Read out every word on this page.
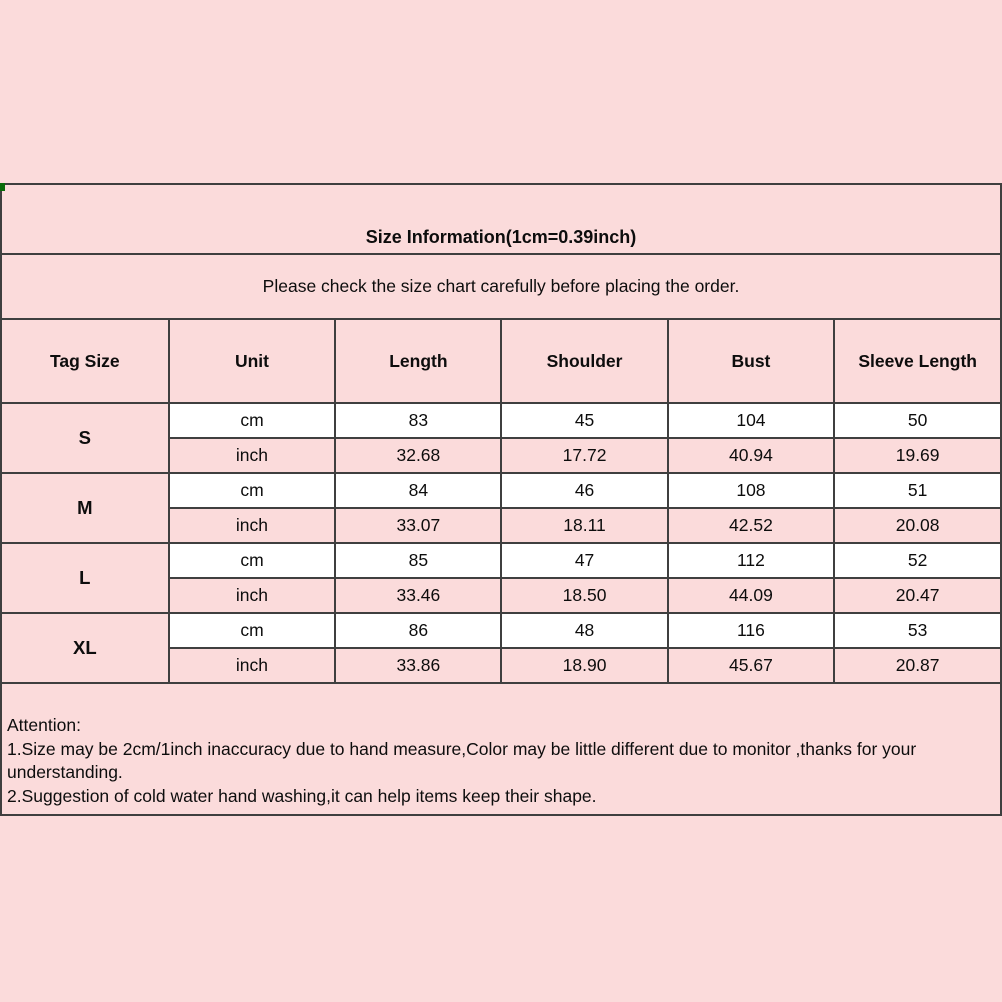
Size Information(1cm=0.39inch)
Please check the size chart carefully before placing the order.
Tag Size	Unit	Length	Shoulder	Bust	Sleeve Length
S	cm	83	45	104	50
	inch	32.68	17.72	40.94	19.69
M	cm	84	46	108	51
	inch	33.07	18.11	42.52	20.08
L	cm	85	47	112	52
	inch	33.46	18.50	44.09	20.47
XL	cm	86	48	116	53
	inch	33.86	18.90	45.67	20.87

Attention:

1.Size may be 2cm/1inch inaccuracy due to hand measure,Color may be little different due to monitor ,thanks for your understanding.

2.Suggestion of cold water hand washing,it can help items keep their shape.
